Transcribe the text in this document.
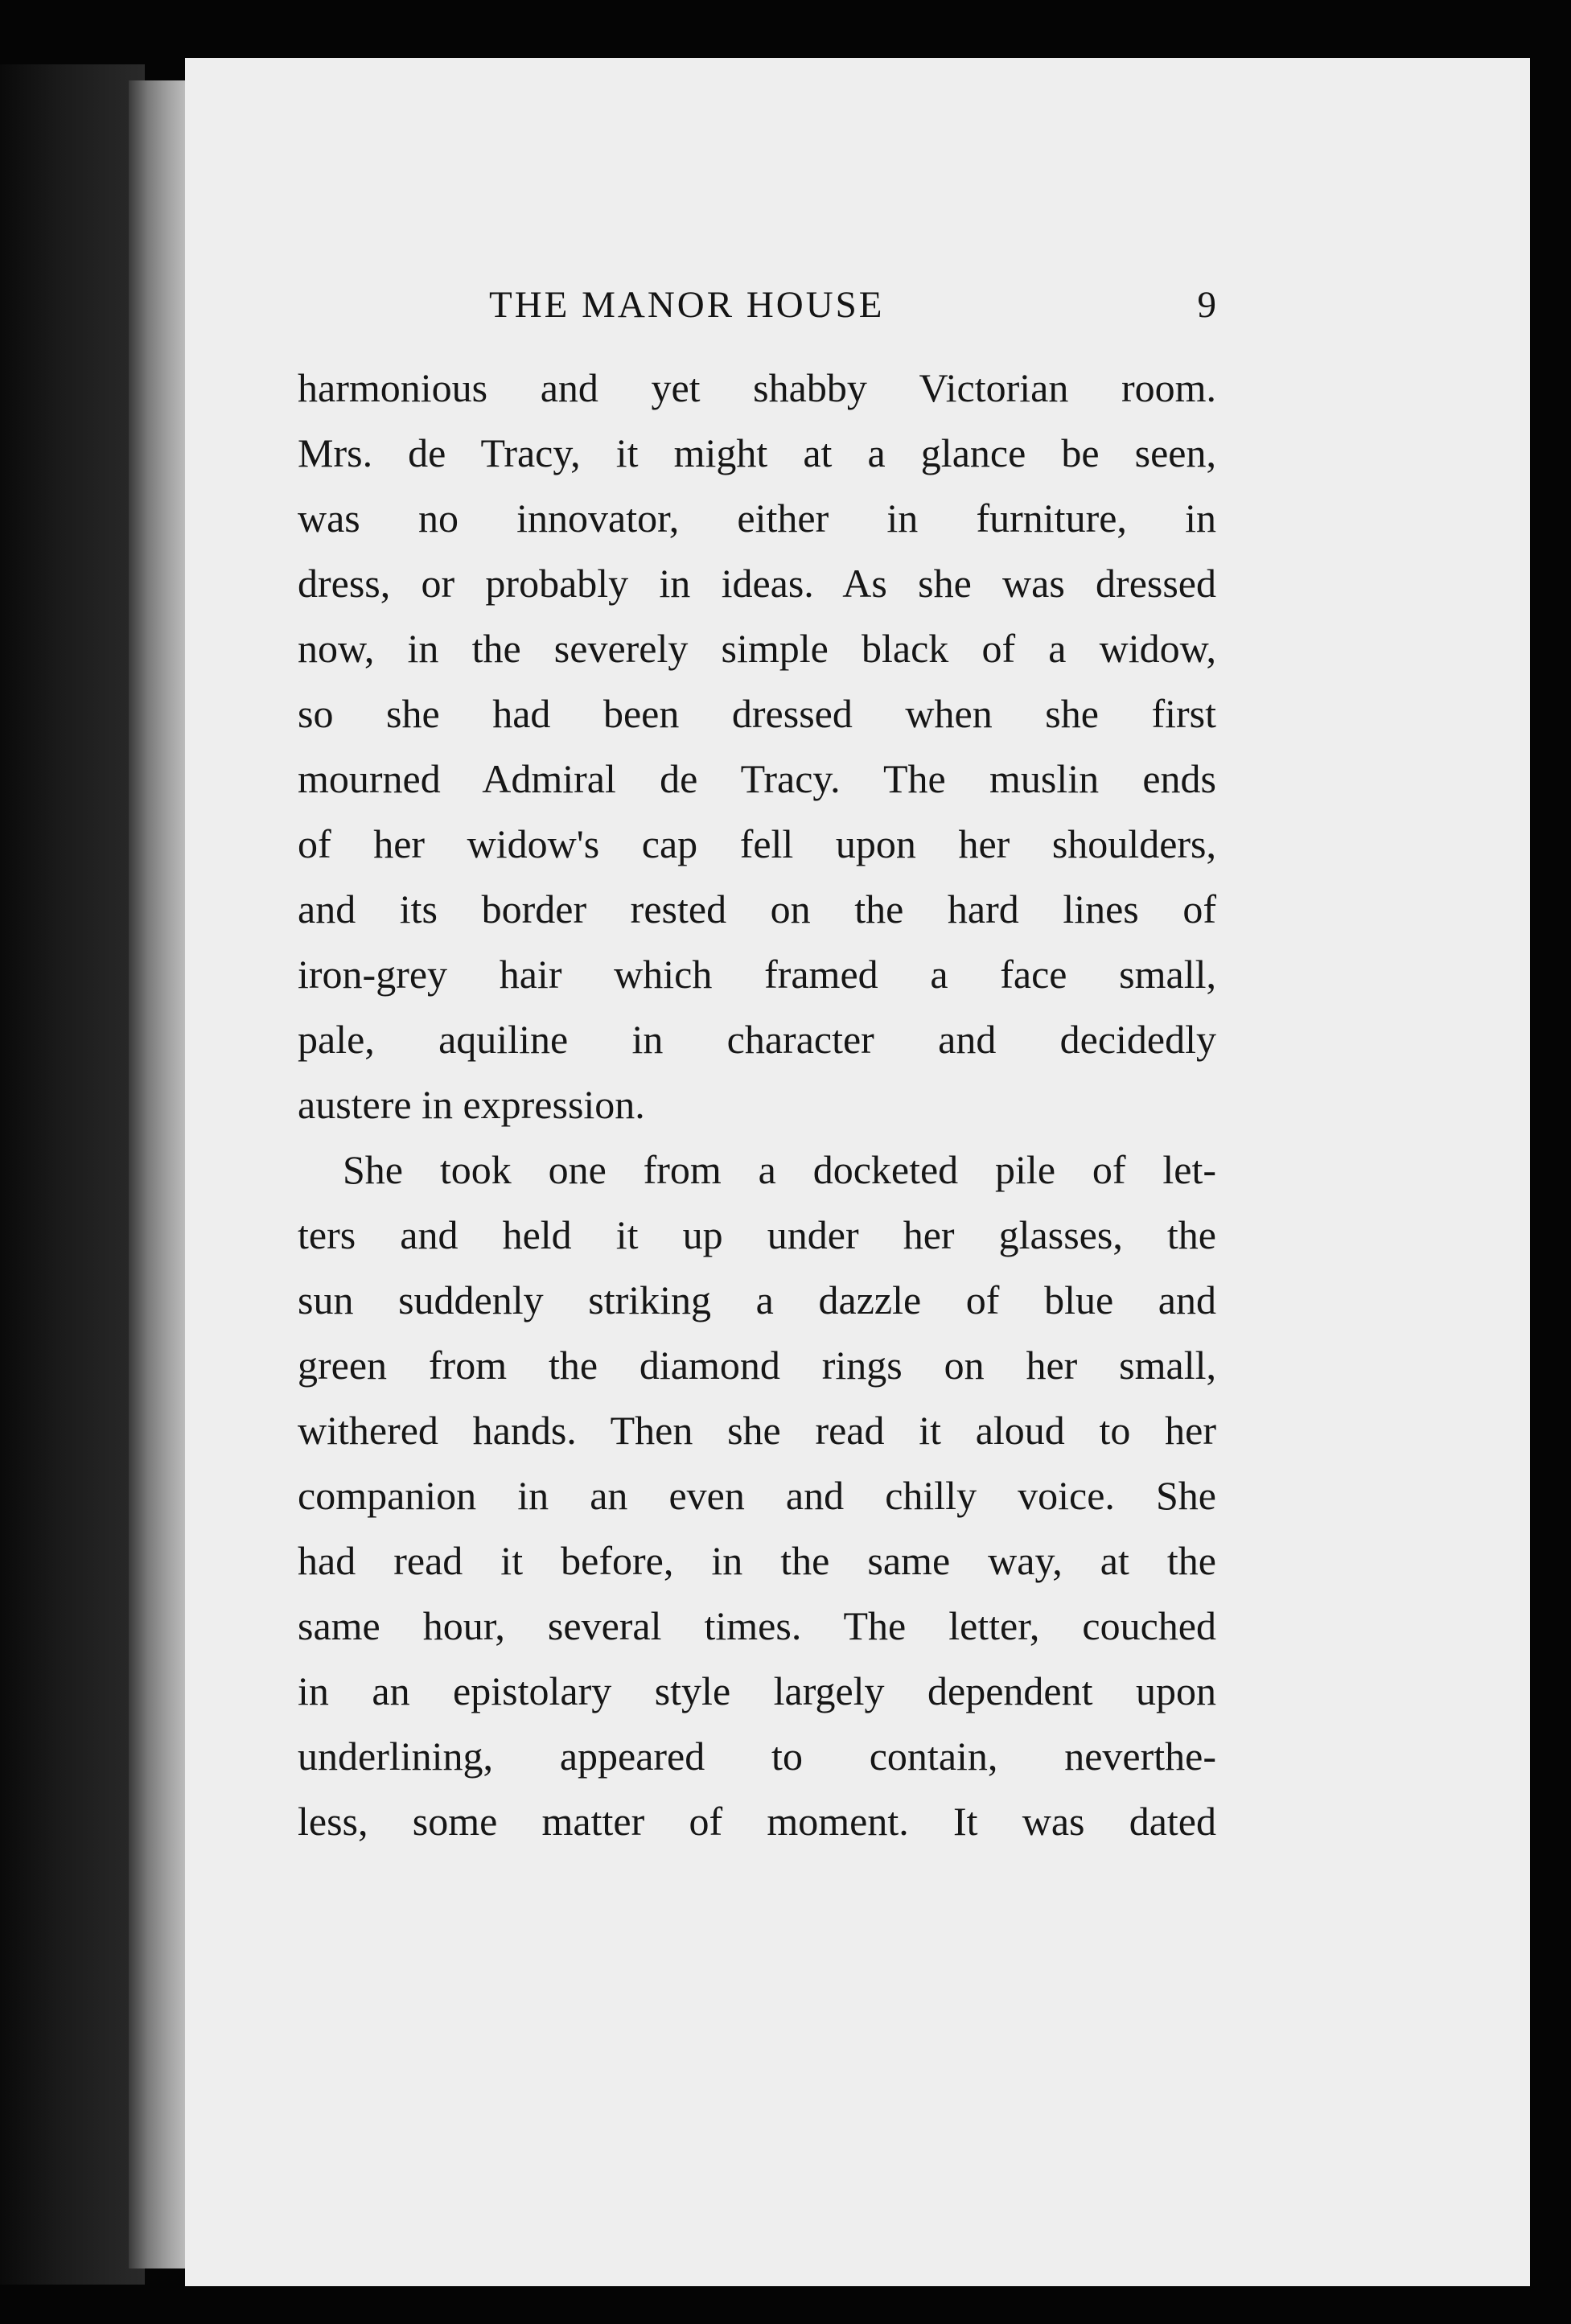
THE MANOR HOUSE	9
harmonious and yet shabby Victorian room.
Mrs. de Tracy, it might at a glance be seen,
was no innovator, either in furniture, in
dress, or probably in ideas. As she was dressed
now, in the severely simple black of a widow,
so she had been dressed when she first
mourned Admiral de Tracy. The muslin ends
of her widow's cap fell upon her shoulders,
and its border rested on the hard lines of
iron-grey hair which framed a face small,
pale, aquiline in character and decidedly
austere in expression.
She took one from a docketed pile of let-
ters and held it up under her glasses, the
sun suddenly striking a dazzle of blue and
green from the diamond rings on her small,
withered hands. Then she read it aloud to her
companion in an even and chilly voice. She
had read it before, in the same way, at the
same hour, several times. The letter, couched
in an epistolary style largely dependent upon
underlining, appeared to contain, neverthe-
less, some matter of moment. It was dated
